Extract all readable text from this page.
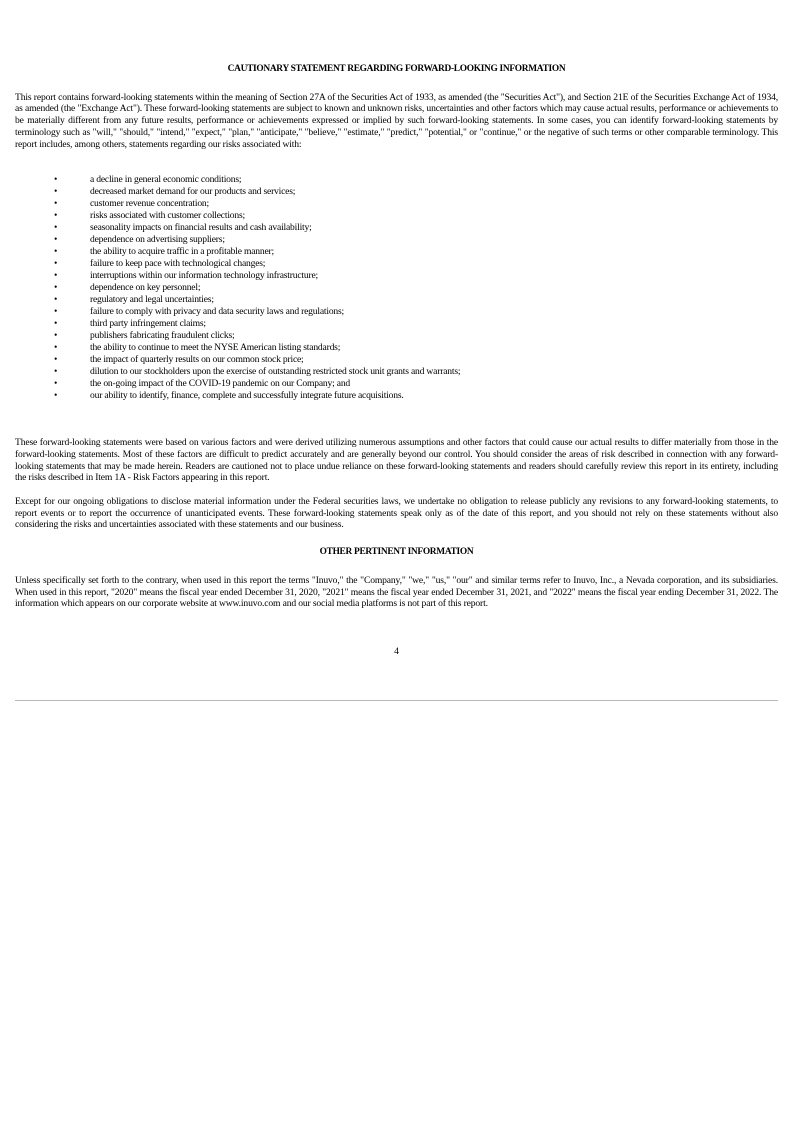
CAUTIONARY STATEMENT REGARDING FORWARD-LOOKING INFORMATION

This report contains forward-looking statements within the meaning of Section 27A of the Securities Act of 1933, as amended (the "Securities Act"), and Section 21E of the Securities Exchange Act of 1934, as amended (the "Exchange Act"). These forward-looking statements are subject to known and unknown risks, uncertainties and other factors which may cause actual results, performance or achievements to be materially different from any future results, performance or achievements expressed or implied by such forward-looking statements. In some cases, you can identify forward-looking statements by terminology such as "will," "should," "intend," "expect," "plan," "anticipate," "believe," "estimate," "predict," "potential," or "continue," or the negative of such terms or other comparable terminology. This report includes, among others, statements regarding our risks associated with:

•	a decline in general economic conditions;
•	decreased market demand for our products and services;
•	customer revenue concentration;
•	risks associated with customer collections;
•	seasonality impacts on financial results and cash availability;
•	dependence on advertising suppliers;
•	the ability to acquire traffic in a profitable manner;
•	failure to keep pace with technological changes;
•	interruptions within our information technology infrastructure;
•	dependence on key personnel;
•	regulatory and legal uncertainties;
•	failure to comply with privacy and data security laws and regulations;
•	third party infringement claims;
•	publishers fabricating fraudulent clicks;
•	the ability to continue to meet the NYSE American listing standards;
•	the impact of quarterly results on our common stock price;
•	dilution to our stockholders upon the exercise of outstanding restricted stock unit grants and warrants;
•	the on-going impact of the COVID-19 pandemic on our Company; and
•	our ability to identify, finance, complete and successfully integrate future acquisitions.

These forward-looking statements were based on various factors and were derived utilizing numerous assumptions and other factors that could cause our actual results to differ materially from those in the forward-looking statements. Most of these factors are difficult to predict accurately and are generally beyond our control. You should consider the areas of risk described in connection with any forward-looking statements that may be made herein. Readers are cautioned not to place undue reliance on these forward-looking statements and readers should carefully review this report in its entirety, including the risks described in Item 1A - Risk Factors appearing in this report.

Except for our ongoing obligations to disclose material information under the Federal securities laws, we undertake no obligation to release publicly any revisions to any forward-looking statements, to report events or to report the occurrence of unanticipated events. These forward-looking statements speak only as of the date of this report, and you should not rely on these statements without also considering the risks and uncertainties associated with these statements and our business.

OTHER PERTINENT INFORMATION

Unless specifically set forth to the contrary, when used in this report the terms "Inuvo," the "Company," "we," "us," "our" and similar terms refer to Inuvo, Inc., a Nevada corporation, and its subsidiaries. When used in this report, "2020" means the fiscal year ended December 31, 2020, "2021" means the fiscal year ended December 31, 2021, and "2022" means the fiscal year ending December 31, 2022. The information which appears on our corporate website at www.inuvo.com and our social media platforms is not part of this report.

4
